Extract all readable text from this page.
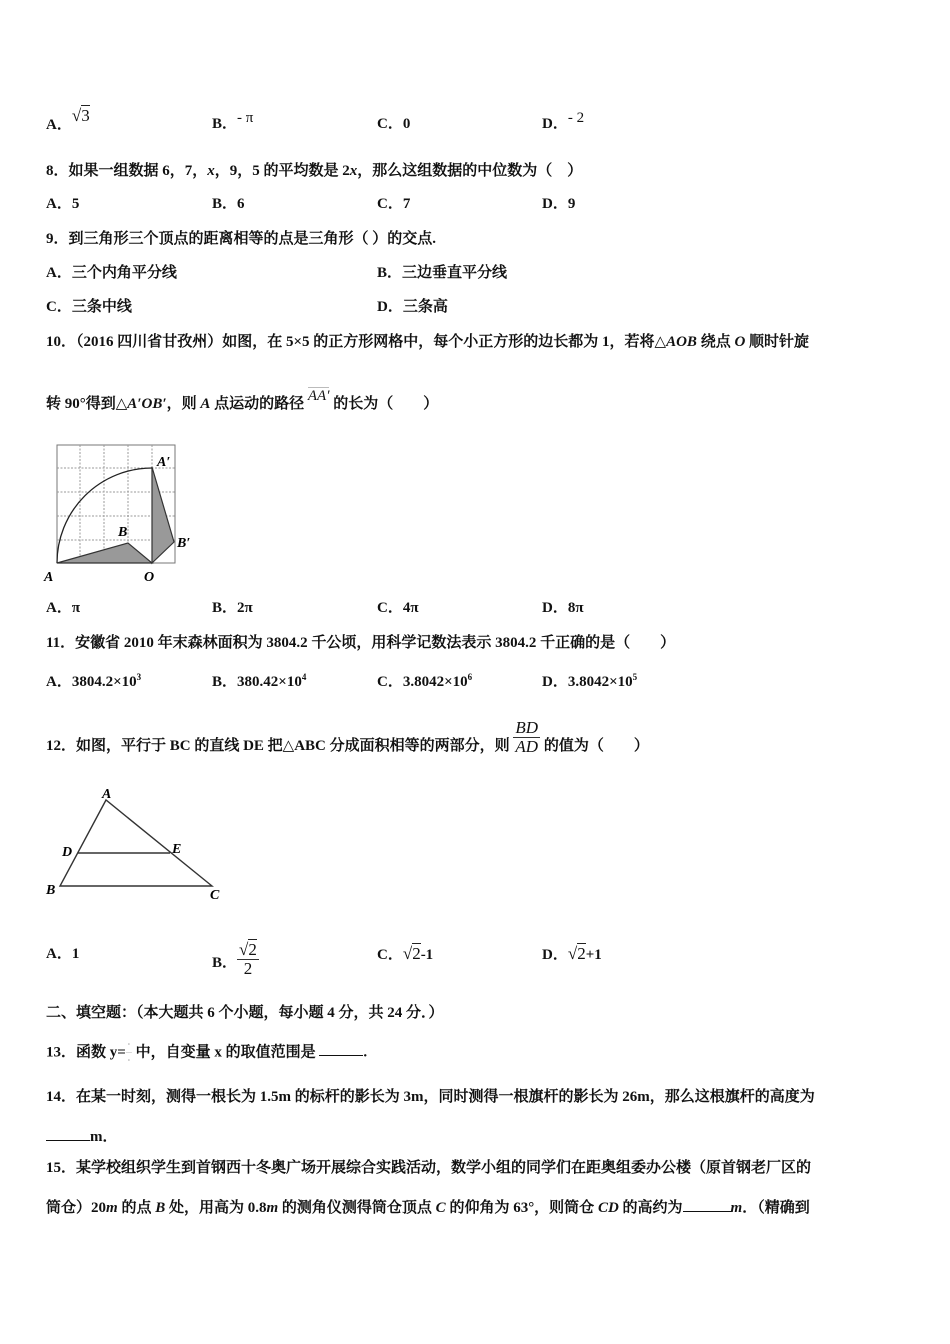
A．√3	B．- π	C．0	D．- 2
8．如果一组数据 6，7，x，9，5 的平均数是 2x，那么这组数据的中位数为（　）
A．5	B．6	C．7	D．9
9．到三角形三个顶点的距离相等的点是三角形（ ）的交点.
A．三个内角平分线	B．三边垂直平分线
C．三条中线	D．三条高
10．（2016 四川省甘孜州）如图，在 5×5 的正方形网格中，每个小正方形的边长都为 1，若将△AOB 绕点 O 顺时针旋
转 90°得到△A′OB′，则 A 点运动的路径 AA′ 的长为（　　）
A	O
B
A′
B′
A
D	E
B	C
A．π	B．2π	C．4π	D．8π
11．安徽省 2010 年末森林面积为 3804.2 千公顷，用科学记数法表示 3804.2 千正确的是（　　）
A．$3804.2\times 10^3$	B．$380.42\times 10^4$	C．$3.8042\times 10^6$	D．$3.8042\times 10^5$
12．如图，平行于 BC 的直线 DE 把△ABC 分成面积相等的两部分，则 $\frac{BD}{AD}$ 的值为（　　）
A．1
B． $\frac{√2}{2}$	C．√2-1	D．√2+1
二、填空题：（本大题共 6 个小题，每小题 4 分，共 24 分．）
13．函数 y= ▫
—
▫ 中，自变量 x 的取值范围是	.
14．在某一时刻，测得一根长为 1.5m 的标杆的影长为 3m，同时测得一根旗杆的影长为 26m，那么这根旗杆的高度为
m．
15．某学校组织学生到首钢西十冬奥广场开展综合实践活动，数学小组的同学们在距奥组委办公楼（原首钢老厂区的
筒仓）20m 的点 B 处，用高为 0.8m 的测角仪测得筒仓顶点 C 的仰角为 63°，则筒仓 CD 的高约为	m．（精确到
